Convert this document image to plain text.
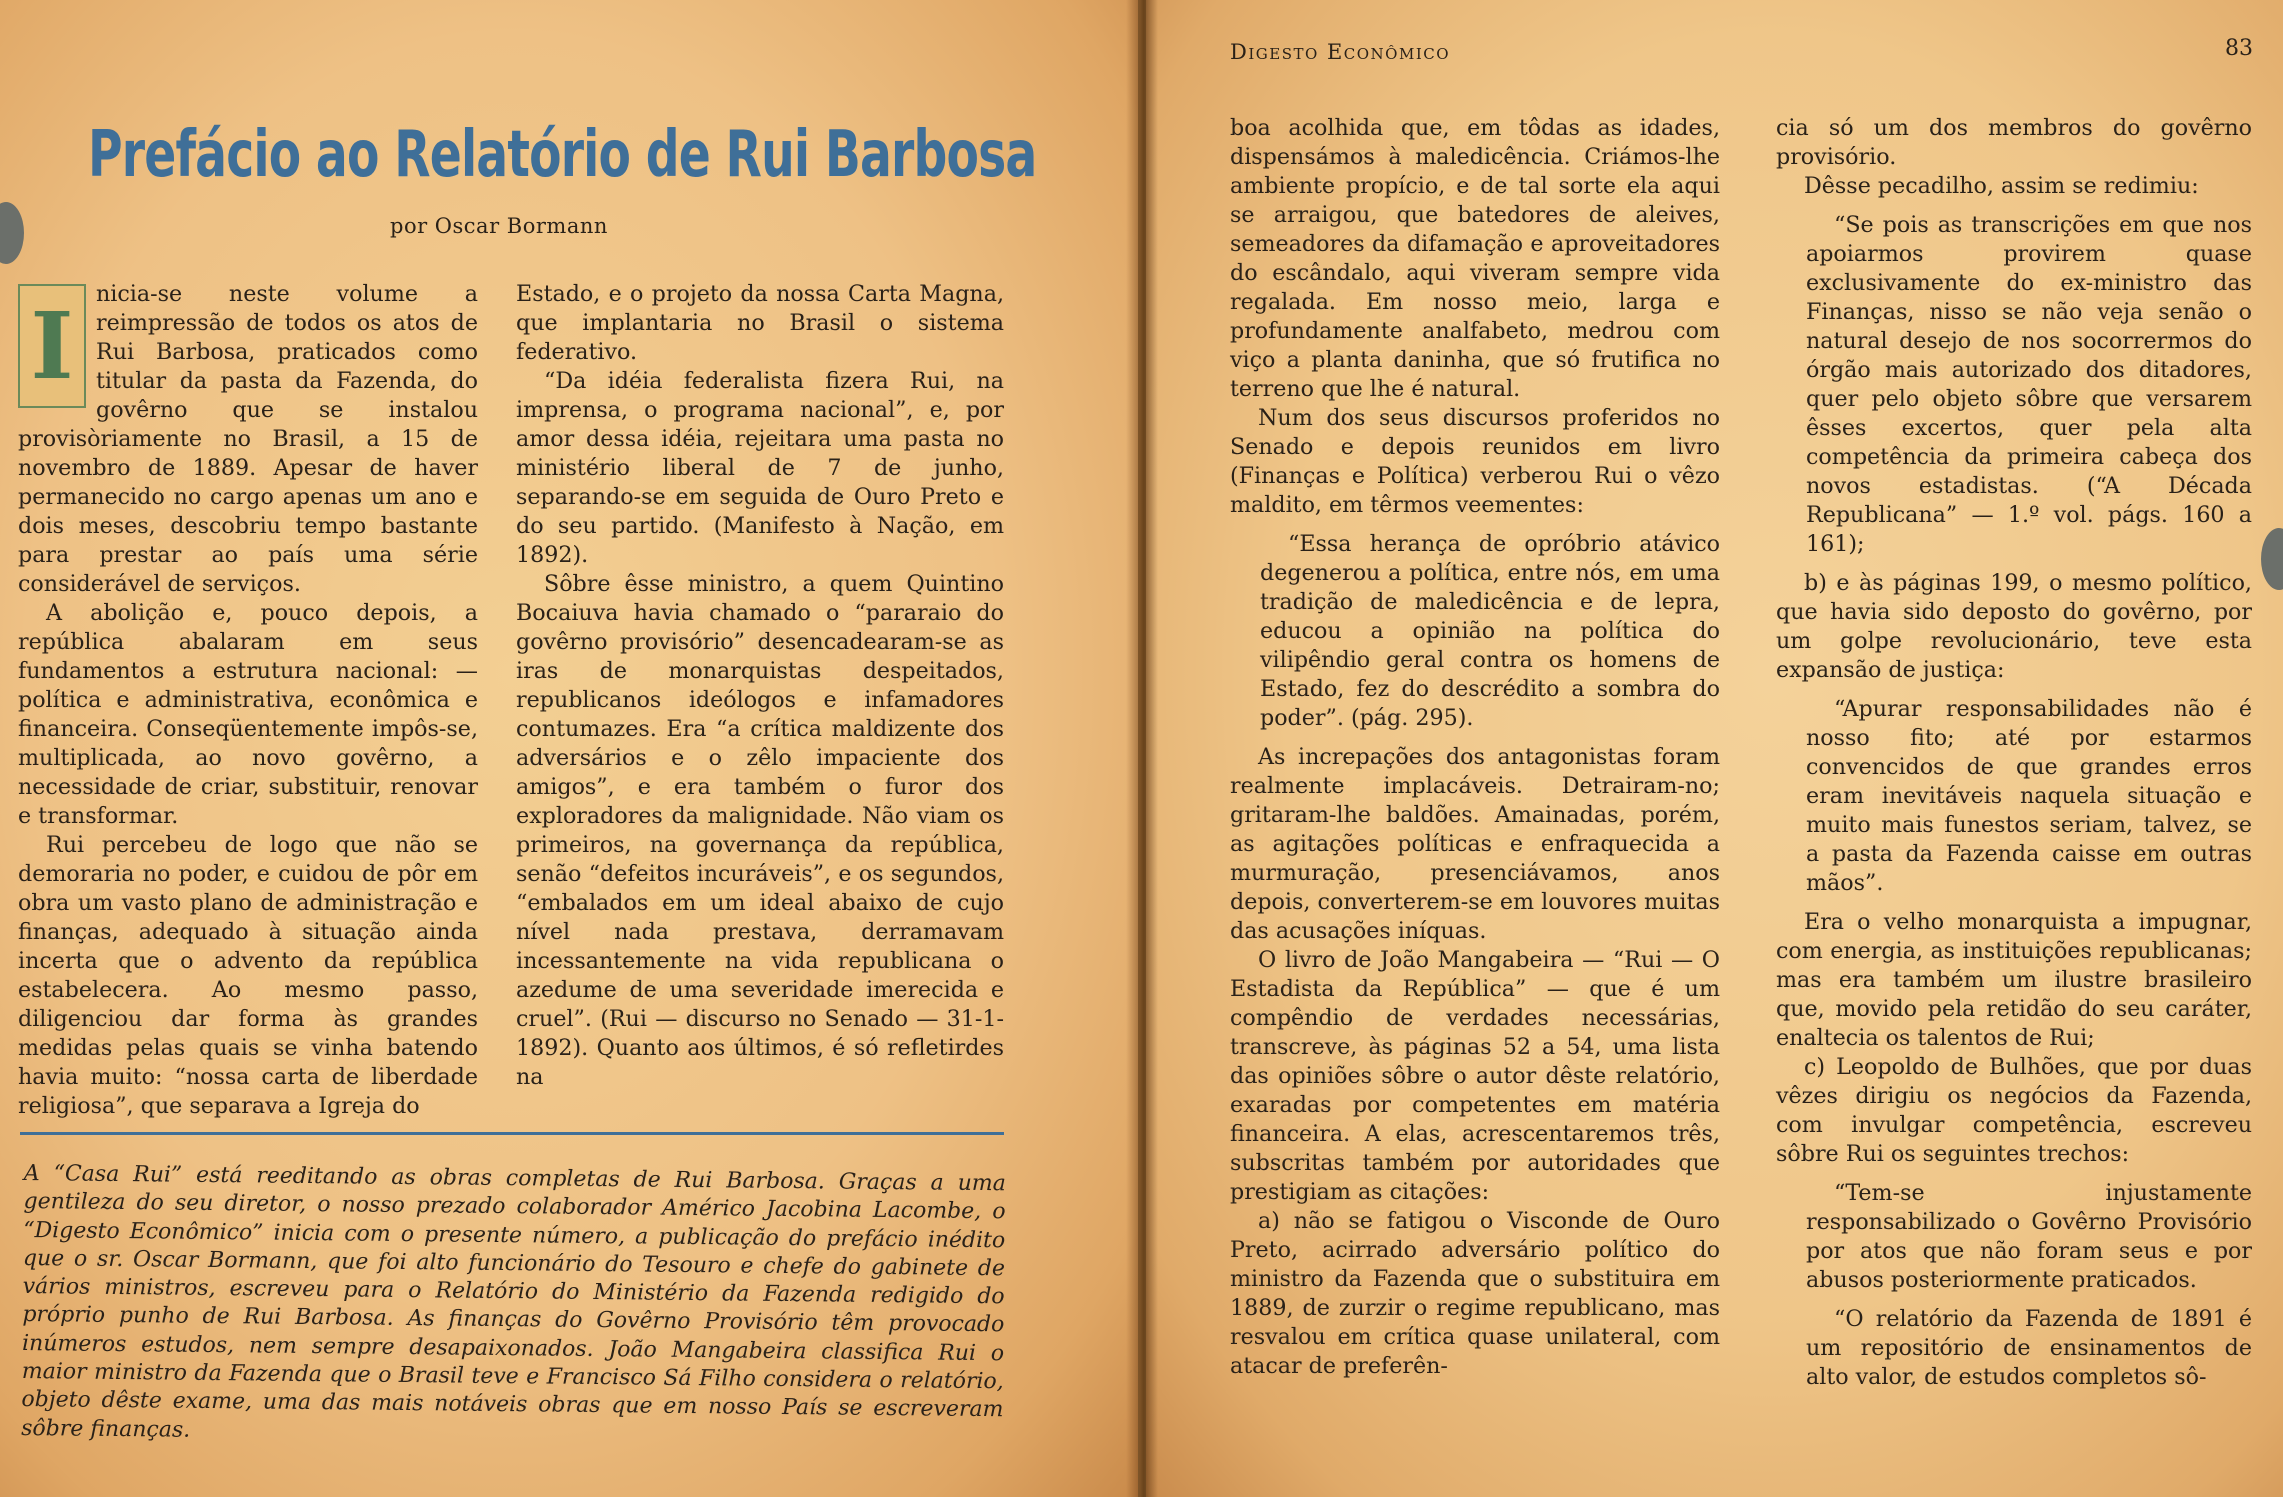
Prefácio ao Relatório de Rui Barbosa
por Oscar Bormann
I	nicia-se neste volume a reimpressão de todos os atos de Rui Barbosa, praticados como titular da pasta da Fazenda, do govêrno que se instalou provisòriamente no Brasil, a 15 de novembro de 1889. Apesar de haver permanecido no cargo apenas um ano e dois meses, descobriu tempo bastante para prestar ao país uma série considerável de serviços.

A abolição e, pouco depois, a república abalaram em seus fundamentos a estrutura nacional: — política e administrativa, econômica e financeira. Conseqüentemente impôs-se, multiplicada, ao novo govêrno, a necessidade de criar, substituir, renovar e transformar.

Rui percebeu de logo que não se demoraria no poder, e cuidou de pôr em obra um vasto plano de administração e finanças, adequado à situação ainda incerta que o advento da república estabelecera. Ao mesmo passo, diligenciou dar forma às grandes medidas pelas quais se vinha batendo havia muito: “nossa carta de liberdade religiosa”, que separava a Igreja do

Estado, e o projeto da nossa Carta Magna, que implantaria no Brasil o sistema federativo.

“Da idéia federalista fizera Rui, na imprensa, o programa nacional”, e, por amor dessa idéia, rejeitara uma pasta no ministério liberal de 7 de junho, separando-se em seguida de Ouro Preto e do seu partido. (Manifesto à Nação, em 1892).

Sôbre êsse ministro, a quem Quintino Bocaiuva havia chamado o “pararaio do govêrno provisório” desencadearam-se as iras de monarquistas despeitados, republicanos ideólogos e infamadores contumazes. Era “a crítica maldizente dos adversários e o zêlo impaciente dos amigos”, e era também o furor dos exploradores da malignidade. Não viam os primeiros, na governança da república, senão “defeitos incuráveis”, e os segundos, “embalados em um ideal abaixo de cujo nível nada prestava, derramavam incessantemente na vida republicana o azedume de uma severidade imerecida e cruel”. (Rui — discurso no Senado — 31-1-1892). Quanto aos últimos, é só refletirdes na

A “Casa Rui” está reeditando as obras completas de Rui Barbosa. Graças a uma gentileza do seu diretor, o nosso prezado colaborador Américo Jacobina Lacombe, o “Digesto Econômico” inicia com o presente número, a publicação do prefácio inédito que o sr. Oscar Bormann, que foi alto funcionário do Tesouro e chefe do gabinete de vários ministros, escreveu para o Relatório do Ministério da Fazenda redigido do próprio punho de Rui Barbosa. As finanças do Govêrno Provisório têm provocado inúmeros estudos, nem sempre desapaixonados. João Mangabeira classifica Rui o maior ministro da Fazenda que o Brasil teve e Francisco Sá Filho considera o relatório, objeto dêste exame, uma das mais notáveis obras que em nosso País se escreveram sôbre finanças.
Digesto Econômico	83

boa acolhida que, em tôdas as idades, dispensámos à maledicência. Criámos-lhe ambiente propício, e de tal sorte ela aqui se arraigou, que batedores de aleives, semeadores da difamação e aproveitadores do escândalo, aqui viveram sempre vida regalada. Em nosso meio, larga e profundamente analfabeto, medrou com viço a planta daninha, que só frutifica no terreno que lhe é natural.

Num dos seus discursos proferidos no Senado e depois reunidos em livro (Finanças e Política) verberou Rui o vêzo maldito, em têrmos veementes:

“Essa herança de opróbrio atávico degenerou a política, entre nós, em uma tradição de maledicência e de lepra, educou a opinião na política do vilipêndio geral contra os homens de Estado, fez do descrédito a sombra do poder”. (pág. 295).

As increpações dos antagonistas foram realmente implacáveis. Detrairam-no; gritaram-lhe baldões. Amainadas, porém, as agitações políticas e enfraquecida a murmuração, presenciávamos, anos depois, converterem-se em louvores muitas das acusações iníquas.

O livro de João Mangabeira — “Rui — O Estadista da República” — que é um compêndio de verdades necessárias, transcreve, às páginas 52 a 54, uma lista das opiniões sôbre o autor dêste relatório, exaradas por competentes em matéria financeira. A elas, acrescentaremos três, subscritas também por autoridades que prestigiam as citações:

a) não se fatigou o Visconde de Ouro Preto, acirrado adversário político do ministro da Fazenda que o substituira em 1889, de zurzir o regime republicano, mas resvalou em crítica quase unilateral, com atacar de preferên-

cia só um dos membros do govêrno provisório.

Dêsse pecadilho, assim se redimiu:

“Se pois as transcrições em que nos apoiarmos provirem quase exclusivamente do ex-ministro das Finanças, nisso se não veja senão o natural desejo de nos socorrermos do órgão mais autorizado dos ditadores, quer pelo objeto sôbre que versarem êsses excertos, quer pela alta competência da primeira cabeça dos novos estadistas. (“A Década Republicana” — 1.º vol. págs. 160 a 161);

b) e às páginas 199, o mesmo político, que havia sido deposto do govêrno, por um golpe revolucionário, teve esta expansão de justiça:

“Apurar responsabilidades não é nosso fito; até por estarmos convencidos de que grandes erros eram inevitáveis naquela situação e muito mais funestos seriam, talvez, se a pasta da Fazenda caisse em outras mãos”.

Era o velho monarquista a impugnar, com energia, as instituições republicanas; mas era também um ilustre brasileiro que, movido pela retidão do seu caráter, enaltecia os talentos de Rui;

c) Leopoldo de Bulhões, que por duas vêzes dirigiu os negócios da Fazenda, com invulgar competência, escreveu sôbre Rui os seguintes trechos:

“Tem-se injustamente responsabilizado o Govêrno Provisório por atos que não foram seus e por abusos posteriormente praticados.
“O relatório da Fazenda de 1891 é um repositório de ensinamentos de alto valor, de estudos completos sô-
